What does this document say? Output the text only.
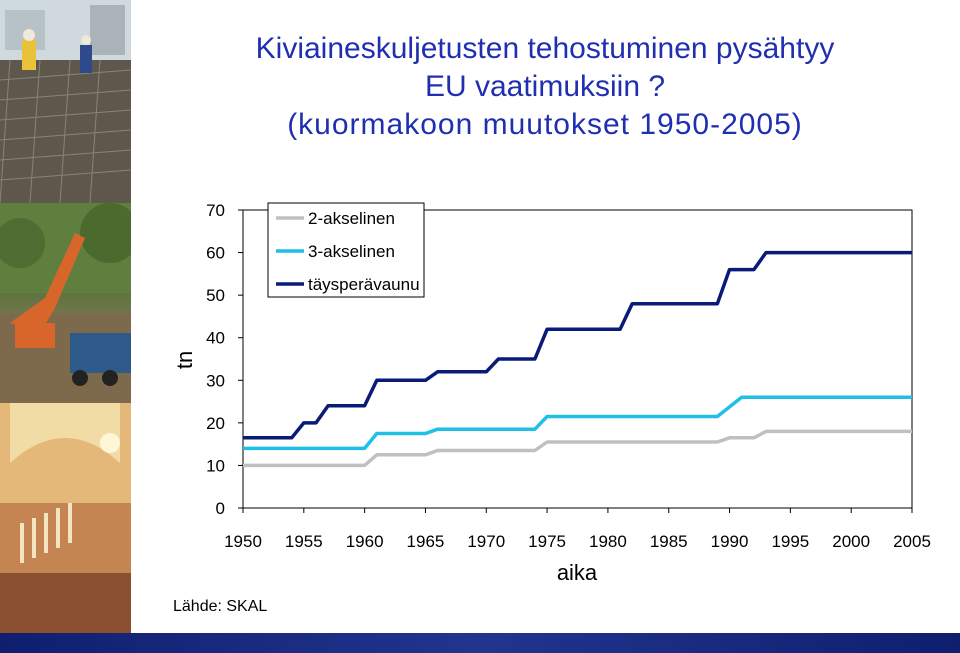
Kiviaineskuljetusten tehostuminen pysähtyy
EU vaatimuksiin ?

(kuormakoon muutokset 1950-2005)
0
10
20
30
40
50
60
70
1950 1955 1960 1965 1970 1975 1980 1985 1990 1995 2000 2005
2-akselinen
3-akselinen
täysperävaunu
tn
aika
Lähde: SKAL
